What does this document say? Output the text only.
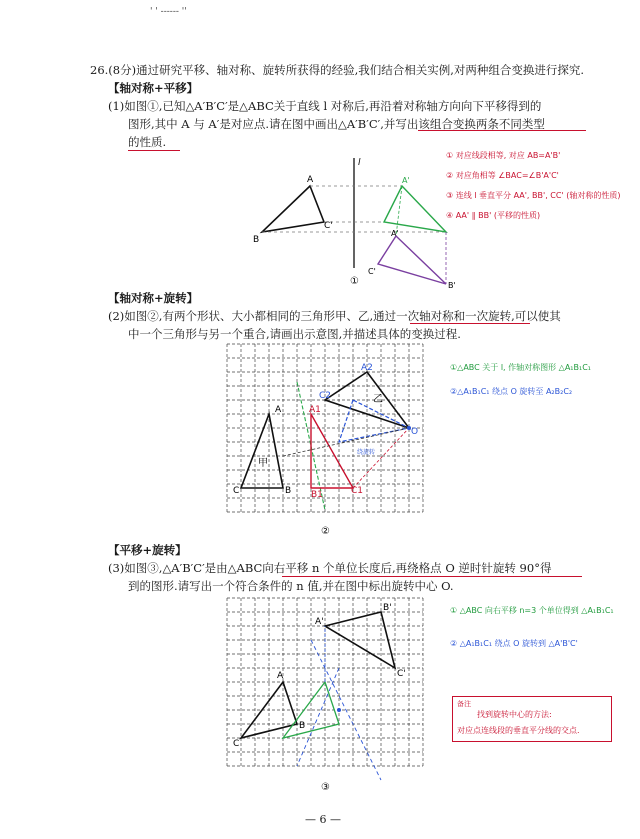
' ' ------ ''
26.(8分)通过研究平移、轴对称、旋转所获得的经验,我们结合相关实例,对两种组合变换进行探究.
【轴对称+平移】
(1)如图①,已知△A′B′C′是△ABC关于直线 l 对称后,再沿着对称轴方向向下平移得到的
图形,其中 A 与 A′是对应点.请在图中画出△A′B′C′,并写出该组合变换两条不同类型
的性质.
A
B
C'
A'
A'
B'
C'
l
①
① 对应线段相等, 对应 AB=A'B'
② 对应角相等 ∠BAC=∠B'A'C'
③ 连线 l 垂直平分 AA', BB', CC' (轴对称的性质)
④ AA' ∥ BB' (平移的性质)
【轴对称+旋转】
(2)如图②,有两个形状、大小都相同的三角形甲、乙,通过一次轴对称和一次旋转,可以使其
中一个三角形与另一个重合,请画出示意图,并描述具体的变换过程.
A
B
C
A1
B1	C1
C2
A2
O
甲
乙
绕旋转
②
①△ABC 关于 l, 作轴对称图形 △A₁B₁C₁
②△A₁B₁C₁ 绕点 O 旋转至 A₂B₂C₂
【平移+旋转】
(3)如图③,△A′B′C′是由△ABC向右平移 n 个单位长度后,再绕格点 O 逆时针旋转 90°得
到的图形.请写出一个符合条件的 n 值,并在图中标出旋转中心 O.
A
B
C
A'
B'
C'
③
① △ABC 向右平移 n=3 个单位得到 △A₁B₁C₁
② △A₁B₁C₁ 绕点 O 旋转到 △A'B'C'
备注
找到旋转中心的方法:
对应点连线段的垂直平分线的交点.
— 6 —
